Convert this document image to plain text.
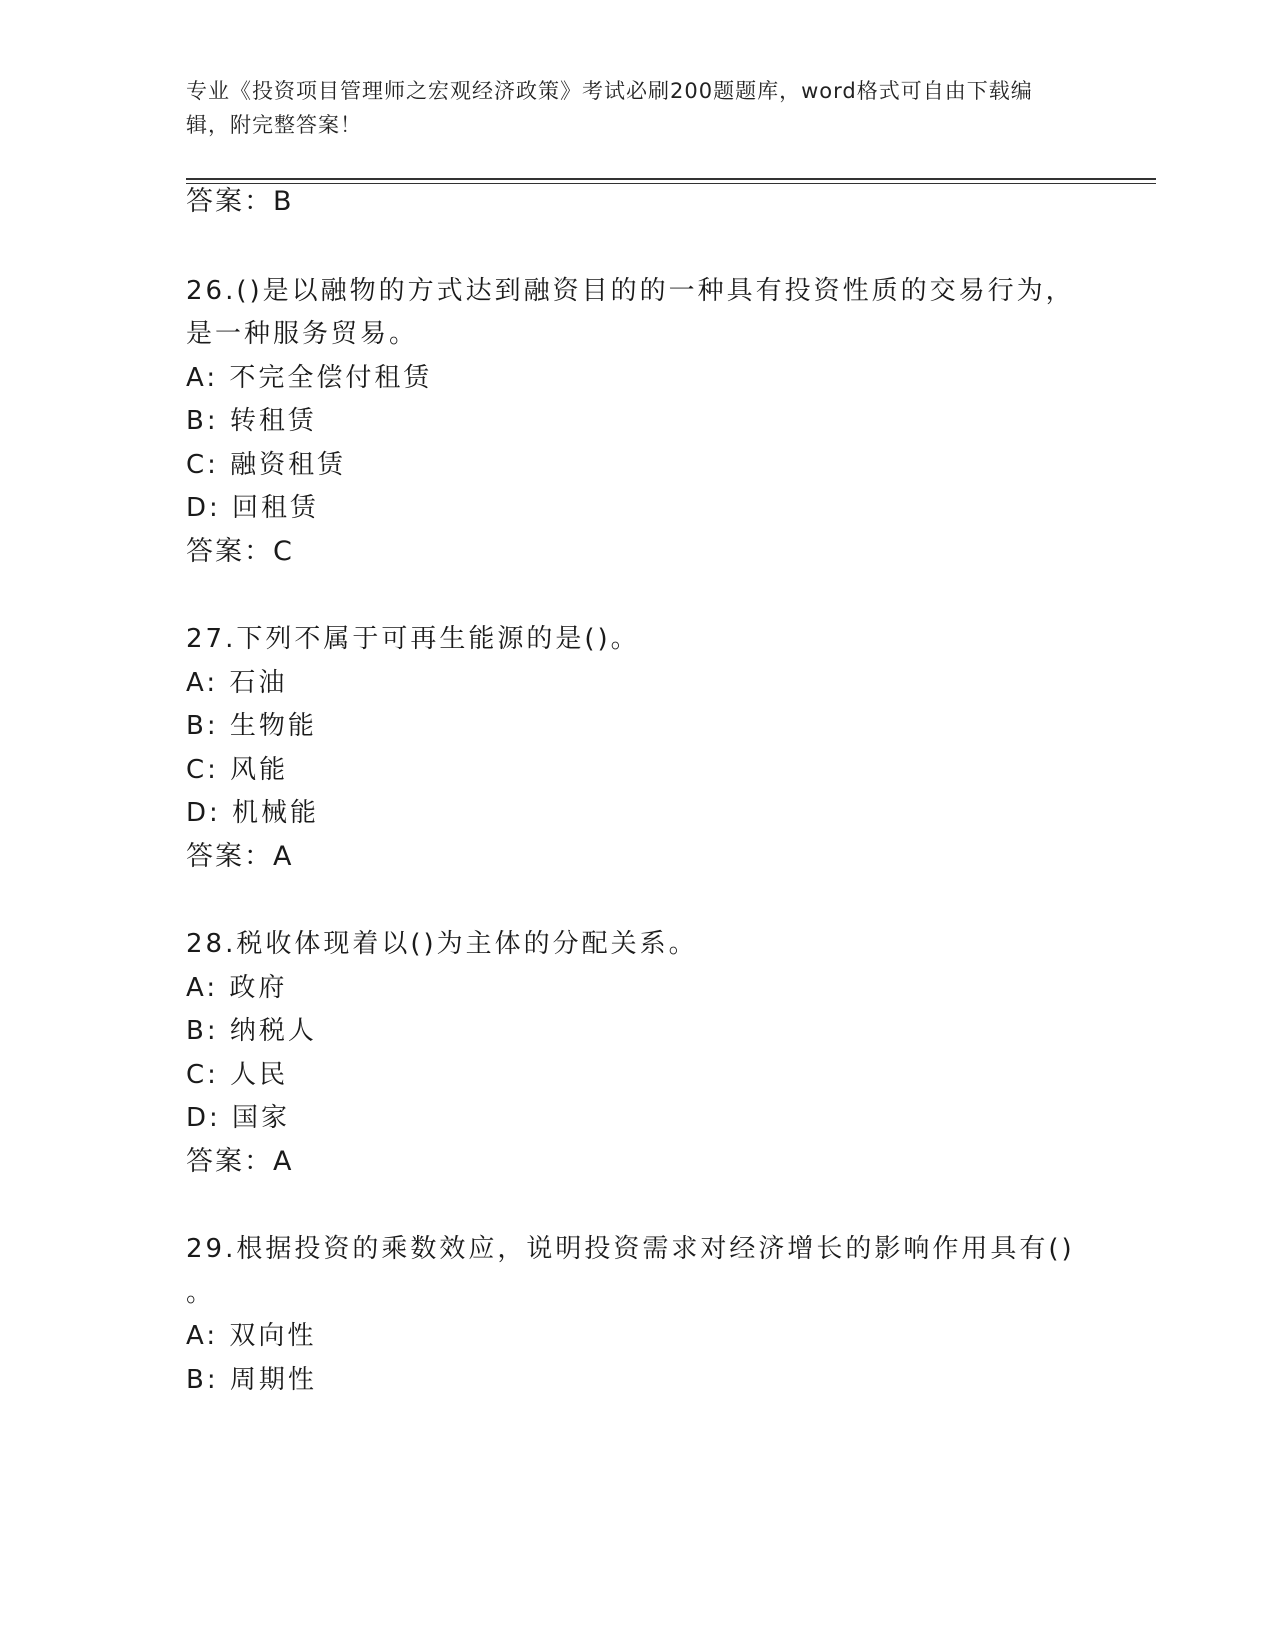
专业《投资项目管理师之宏观经济政策》考试必刷200题题库，word格式可自由下载编辑，附完整答案！
答案：B
26.()是以融物的方式达到融资目的的一种具有投资性质的交易行为，
是一种服务贸易。
A: 不完全偿付租赁
B: 转租赁
C: 融资租赁
D: 回租赁
答案：C
27.下列不属于可再生能源的是()。
A: 石油
B: 生物能
C: 风能
D: 机械能
答案：A
28.税收体现着以()为主体的分配关系。
A: 政府
B: 纳税人
C: 人民
D: 国家
答案：A
29.根据投资的乘数效应，说明投资需求对经济增长的影响作用具有()
。
A: 双向性
B: 周期性
